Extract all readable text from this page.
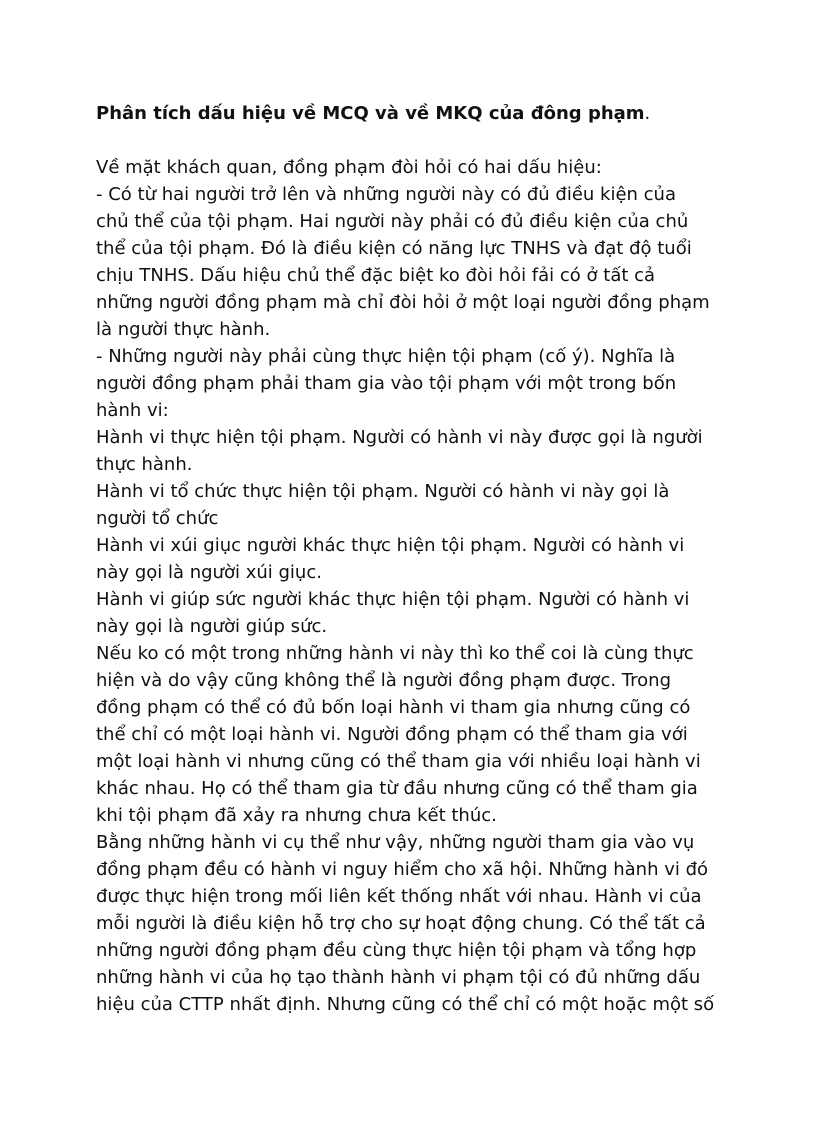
Phân tích dấu hiệu về MCQ và về MKQ của đông phạm.
Về mặt khách quan, đồng phạm đòi hỏi có hai dấu hiệu:
- Có từ hai người trở lên và những người này có đủ điều kiện của
chủ thể của tội phạm. Hai người này phải có đủ điều kiện của chủ
thể của tội phạm. Đó là điều kiện có năng lực TNHS và đạt độ tuổi
chịu TNHS. Dấu hiệu chủ thể đặc biệt ko đòi hỏi fải có ở tất cả
những người đồng phạm mà chỉ đòi hỏi ở một loại người đồng phạm
là người thực hành.
- Những người này phải cùng thực hiện tội phạm (cố ý). Nghĩa là
người đồng phạm phải tham gia vào tội phạm với một trong bốn
hành vi:
Hành vi thực hiện tội phạm. Người có hành vi này được gọi là người
thực hành.
Hành vi tổ chức thực hiện tội phạm. Người có hành vi này gọi là
người tổ chức
Hành vi xúi giục người khác thực hiện tội phạm. Người có hành vi
này gọi là người xúi giục.
Hành vi giúp sức người khác thực hiện tội phạm. Người có hành vi
này gọi là người giúp sức.
Nếu ko có một trong những hành vi này thì ko thể coi là cùng thực
hiện và do vậy cũng không thể là người đồng phạm được. Trong
đồng phạm có thể có đủ bốn loại hành vi tham gia nhưng cũng có
thể chỉ có một loại hành vi. Người đồng phạm có thể tham gia với
một loại hành vi nhưng cũng có thể tham gia với nhiều loại hành vi
khác nhau. Họ có thể tham gia từ đầu nhưng cũng có thể tham gia
khi tội phạm đã xảy ra nhưng chưa kết thúc.
Bằng những hành vi cụ thể như vậy, những người tham gia vào vụ
đồng phạm đều có hành vi nguy hiểm cho xã hội. Những hành vi đó
được thực hiện trong mối liên kết thống nhất với nhau. Hành vi của
mỗi người là điều kiện hỗ trợ cho sự hoạt động chung. Có thể tất cả
những người đồng phạm đều cùng thực hiện tội phạm và tổng hợp
những hành vi của họ tạo thành hành vi phạm tội có đủ những dấu
hiệu của CTTP nhất định. Nhưng cũng có thể chỉ có một hoặc một số
